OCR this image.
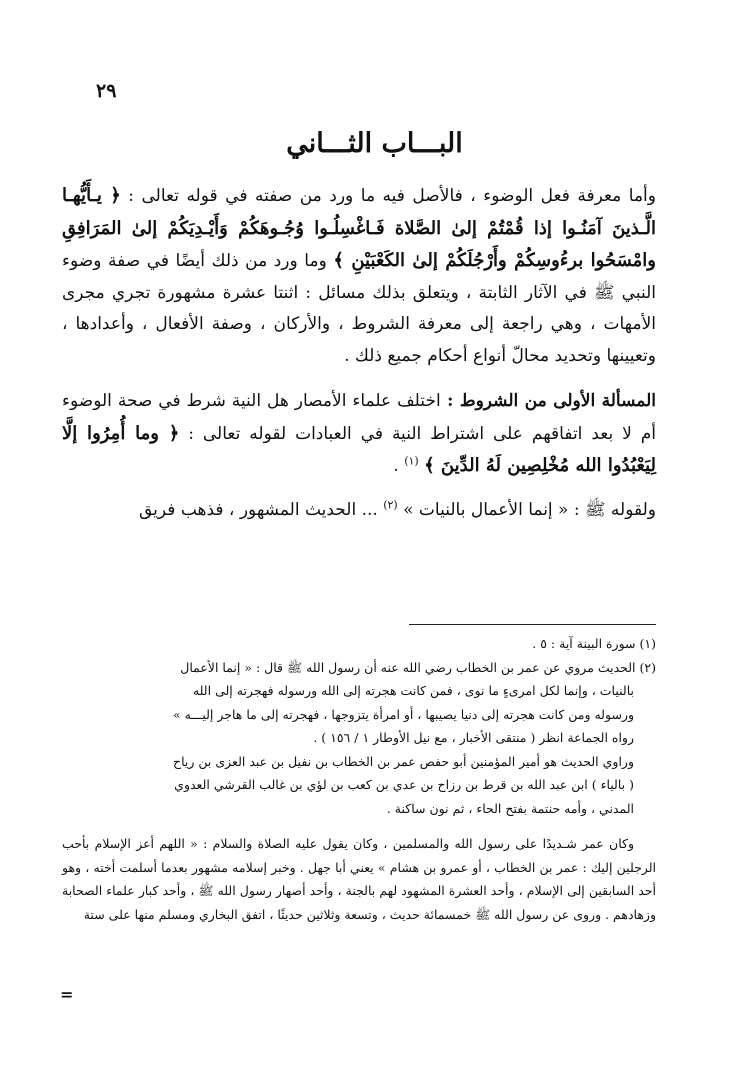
٢٩
البـــاب الثـــاني

وأما معرفة فعل الوضوء ، فالأصل فيه ما ورد من صفته في قوله تعالى : ﴿ يـأَيُّهـا الَّـذينَ آمَنُـوا إذا قُمْتُمْ إلىٰ الصَّلاة فَـاغْسِلُـوا وُجُـوهَكُمْ وَأَيْـدِيَكُمْ إلىٰ المَرَافِقِ وامْسَحُوا برءُوسِكُمْ وأَرْجُلَكُمْ إلىٰ الكَعْبَيْنِ ﴾ وما ورد من ذلك أيضًا في صفة وضوء النبي ﷺ في الآثار الثابتة ، ويتعلق بذلك مسائل : اثنتا عشرة مشهورة تجري مجرى الأمهات ، وهي راجعة إلى معرفة الشروط ، والأركان ، وصفة الأفعال ، وأعدادها ، وتعيينها وتحديد محالّ أنواع أحكام جميع ذلك .

المسألة الأولى من الشروط : اختلف علماء الأمصار هل النية شرط في صحة الوضوء أم لا بعد اتفاقهم على اشتراط النية في العبادات لقوله تعالى : ﴿ وما أُمِرُوا إلَّا لِيَعْبُدُوا الله مُخْلِصِين لَهُ الدِّينَ ﴾ $^{(١)}$ .

ولقوله ﷺ : « إنما الأعمال بالنيات » $^{(٢)}$ ... الحديث المشهور ، فذهب فريق

(١) سورة البينة آية : ٥ .

(٢) الحديث مروي عن عمر بن الخطاب رضي الله عنه أن رسول الله ﷺ قال : « إنما الأعمال

بالنيات ، وإنما لكل امرىءٍ ما نوى ، فمن كانت هجرته إلى الله ورسوله فهجرته إلى الله

ورسوله ومن كانت هجرته إلى دنيا يصيبها ، أو امرأة يتزوجها ، فهجرته إلى ما هاجر إليـــه »

رواه الجماعة انظر ( منتقى الأخبار ، مع نيل الأوطار ١ / ١٥٦ ) .

وراوي الحديث هو أمير المؤمنين أبو حفص عمر بن الخطاب بن نفيل بن عبد العزى بن رياح

( بالياء ) ابن عبد الله بن قرط بن رزاح بن عدي بن كعب بن لؤي بن غالب القرشي العدوي

المدني ، وأمه حنتمة بفتح الحاء ، ثم نون ساكنة .

وكان عمر شـديدًا على رسول الله والمسلمين ، وكان يقول عليه الصلاة والسلام : « اللهم أعز الإسلام بأحب الرجلين إليك : عمر بن الخطاب ، أو عمرو بن هشام » يعني أبا جهل . وخبر إسلامه مشهور بعدما أسلمت أخته ، وهو أحد السابقين إلى الإسلام ، وأحد العشرة المشهود لهم بالجنة ، وأحد أصهار رسول الله ﷺ ، وأحد كبار علماء الصحابة وزهادهم . وروى عن رسول الله ﷺ خمسمائة حديث ، وتسعة وثلاثين حديثًا ، اتفق البخاري ومسلم منها على ستة

=
